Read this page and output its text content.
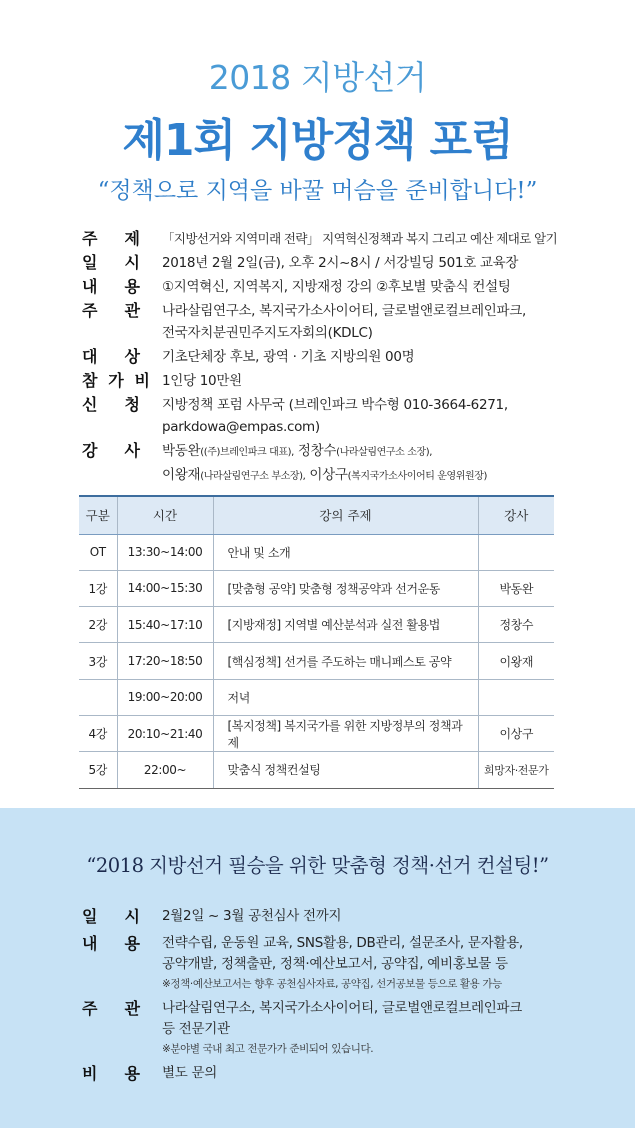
2018 지방선거
제1회 지방정책 포럼
“정책으로 지역을 바꿀 머슴을 준비합니다!”
주 제 「지방선거와 지역미래 전략」 지역혁신정책과 복지 그리고 예산 제대로 알기
일 시 2018년 2월 2일(금), 오후 2시~8시 / 서강빌딩 501호 교육장
내 용 ①지역혁신, 지역복지, 지방재정 강의 ②후보별 맞춤식 컨설팅
주 관 나라살림연구소, 복지국가소사이어티, 글로벌앤로컬브레인파크,
전국자치분권민주지도자회의(KDLC)
대 상 기초단체장 후보, 광역 · 기초 지방의원 00명
참 가 비 1인당 10만원
신 청 지방정책 포럼 사무국 (브레인파크 박수형 010-3664-6271,
parkdowa@empas.com)
강 사 박동완((주)브레인파크 대표), 정창수(나라살림연구소 소장),
이왕재(나라살림연구소 부소장), 이상구(복지국가소사이어티 운영위원장)
구분	시간	강의 주제	강사
OT	13:30~14:00	안내 및 소개	
1강	14:00~15:30	[맞춤형 공약] 맞춤형 정책공약과 선거운동	박동완
2강	15:40~17:10	[지방재정] 지역별 예산분석과 실전 활용법	정창수
3강	17:20~18:50	[핵심정책] 선거를 주도하는 매니페스토 공약	이왕재
	19:00~20:00	저녁	
4강	20:10~21:40	[복지정책] 복지국가를 위한 지방정부의 정책과제	이상구
5강	22:00~	맞춤식 정책컨설팅	희망자·전문가
“2018 지방선거 필승을 위한 맞춤형 정책·선거 컨설팅!”
일 시 2월2일 ~ 3월 공천심사 전까지
내 용 전략수립, 운동원 교육, SNS활용, DB관리, 설문조사, 문자활용,
공약개발, 정책출판, 정책·예산보고서, 공약집, 예비홍보물 등
※정책·예산보고서는 향후 공천심사자료, 공약집, 선거공보물 등으로 활용 가능
주 관 나라살림연구소, 복지국가소사이어티, 글로벌앤로컬브레인파크
등 전문기관
※분야별 국내 최고 전문가가 준비되어 있습니다.
비 용 별도 문의
